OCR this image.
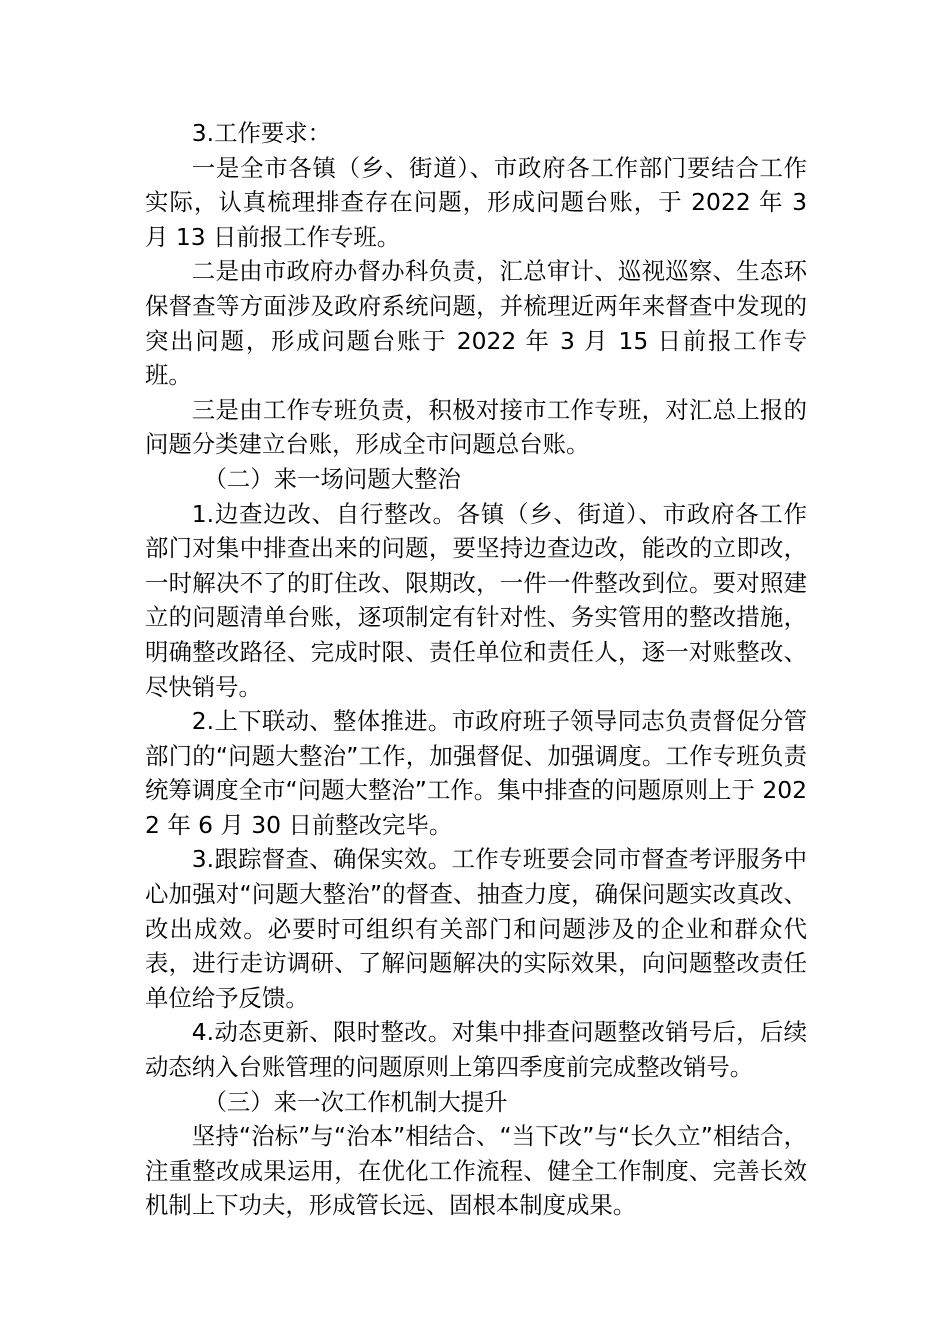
3.工作要求：

一是全市各镇（乡、街道）、市政府各工作部门要结合工作实际，认真梳理排查存在问题，形成问题台账，于 2022 年 3 月 13 日前报工作专班。

二是由市政府办督办科负责，汇总审计、巡视巡察、生态环保督查等方面涉及政府系统问题，并梳理近两年来督查中发现的突出问题，形成问题台账于 2022 年 3 月 15 日前报工作专班。

三是由工作专班负责，积极对接市工作专班，对汇总上报的问题分类建立台账，形成全市问题总台账。

（二）来一场问题大整治

1.边查边改、自行整改。各镇（乡、街道）、市政府各工作部门对集中排查出来的问题，要坚持边查边改，能改的立即改，一时解决不了的盯住改、限期改，一件一件整改到位。要对照建立的问题清单台账，逐项制定有针对性、务实管用的整改措施，明确整改路径、完成时限、责任单位和责任人，逐一对账整改、尽快销号。

2.上下联动、整体推进。市政府班子领导同志负责督促分管部门的“问题大整治”工作，加强督促、加强调度。工作专班负责统筹调度全市“问题大整治”工作。集中排查的问题原则上于 2022 年 6 月 30 日前整改完毕。

3.跟踪督查、确保实效。工作专班要会同市督查考评服务中心加强对“问题大整治”的督查、抽查力度，确保问题实改真改、改出成效。必要时可组织有关部门和问题涉及的企业和群众代表，进行走访调研、了解问题解决的实际效果，向问题整改责任单位给予反馈。

4.动态更新、限时整改。对集中排查问题整改销号后，后续动态纳入台账管理的问题原则上第四季度前完成整改销号。

（三）来一次工作机制大提升

坚持“治标”与“治本”相结合、“当下改”与“长久立”相结合，注重整改成果运用，在优化工作流程、健全工作制度、完善长效机制上下功夫，形成管长远、固根本制度成果。
